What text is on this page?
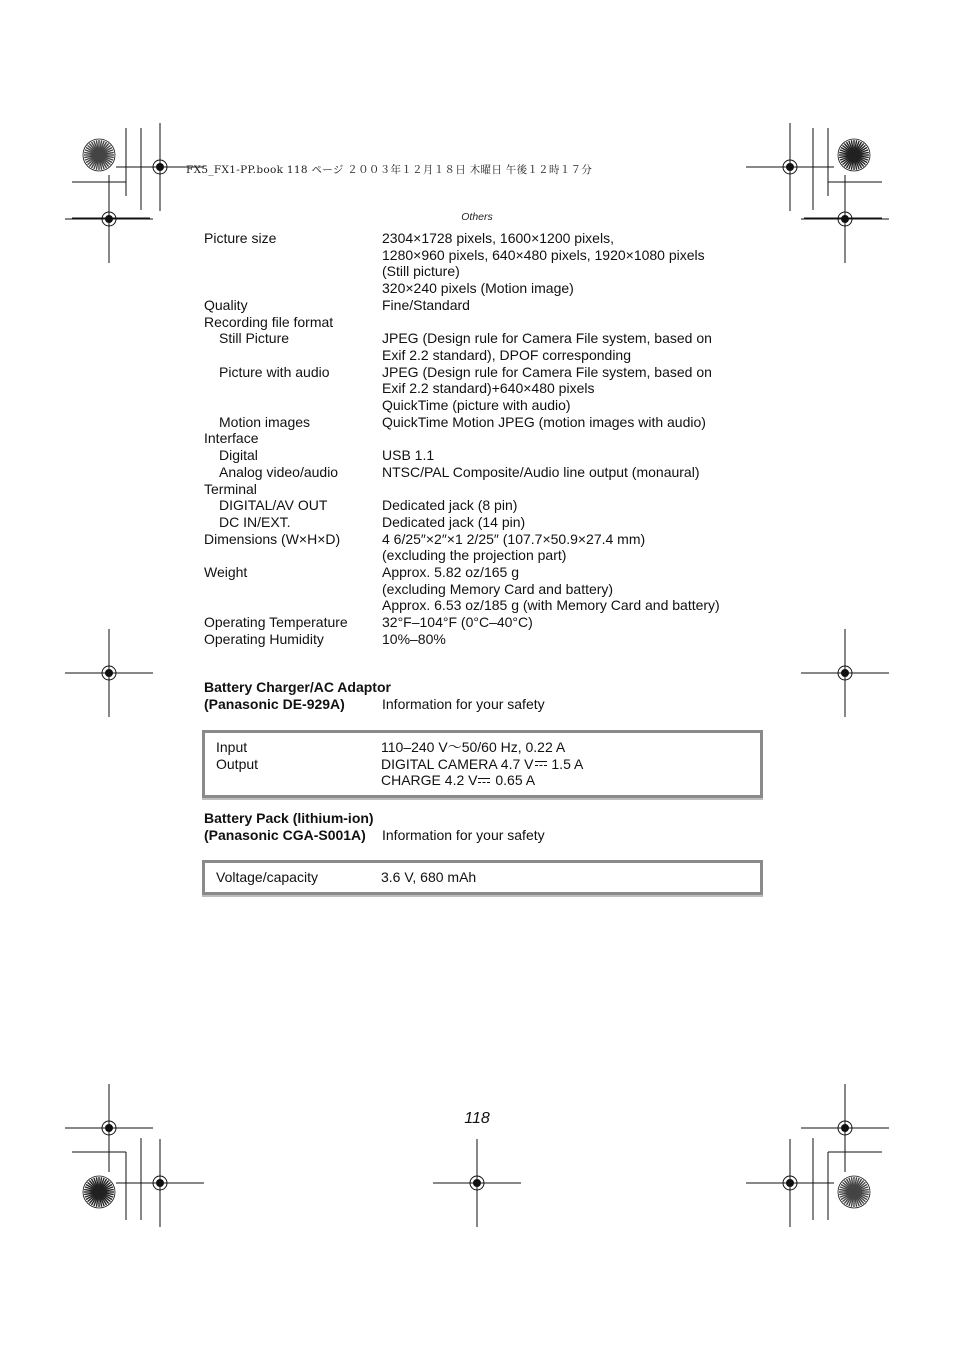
FX5_FX1-PP.book 118 ページ ２００３年１２月１８日 木曜日 午後１２時１７分
Others
Picture size	2304×1728 pixels, 1600×1200 pixels,
1280×960 pixels, 640×480 pixels, 1920×1080 pixels
(Still picture)
320×240 pixels (Motion image)
Quality	Fine/Standard
Recording file format
Still Picture	JPEG (Design rule for Camera File system, based on
Exif 2.2 standard), DPOF corresponding
Picture with audio	JPEG (Design rule for Camera File system, based on
Exif 2.2 standard)+640×480 pixels
QuickTime (picture with audio)
Motion images	QuickTime Motion JPEG (motion images with audio)
Interface
Digital	USB 1.1
Analog video/audio	NTSC/PAL Composite/Audio line output (monaural)
Terminal
DIGITAL/AV OUT	Dedicated jack (8 pin)
DC IN/EXT.	Dedicated jack (14 pin)
Dimensions (W×H×D)	4 6/25″×2″×1 2/25″ (107.7×50.9×27.4 mm)
(excluding the projection part)
Weight	Approx. 5.82 oz/165 g
(excluding Memory Card and battery)
Approx. 6.53 oz/185 g (with Memory Card and battery)
Operating Temperature	32°F–104°F (0°C–40°C)
Operating Humidity	10%–80%
Battery Charger/AC Adaptor
(Panasonic DE-929A)	Information for your safety
Input	110–240 V～50/60 Hz, 0.22 A
Output	DIGITAL CAMERA 4.7 V 1.5 A
CHARGE 4.2 V 0.65 A
Battery Pack (lithium-ion)
(Panasonic CGA-S001A)	Information for your safety
Voltage/capacity	3.6 V, 680 mAh
118
